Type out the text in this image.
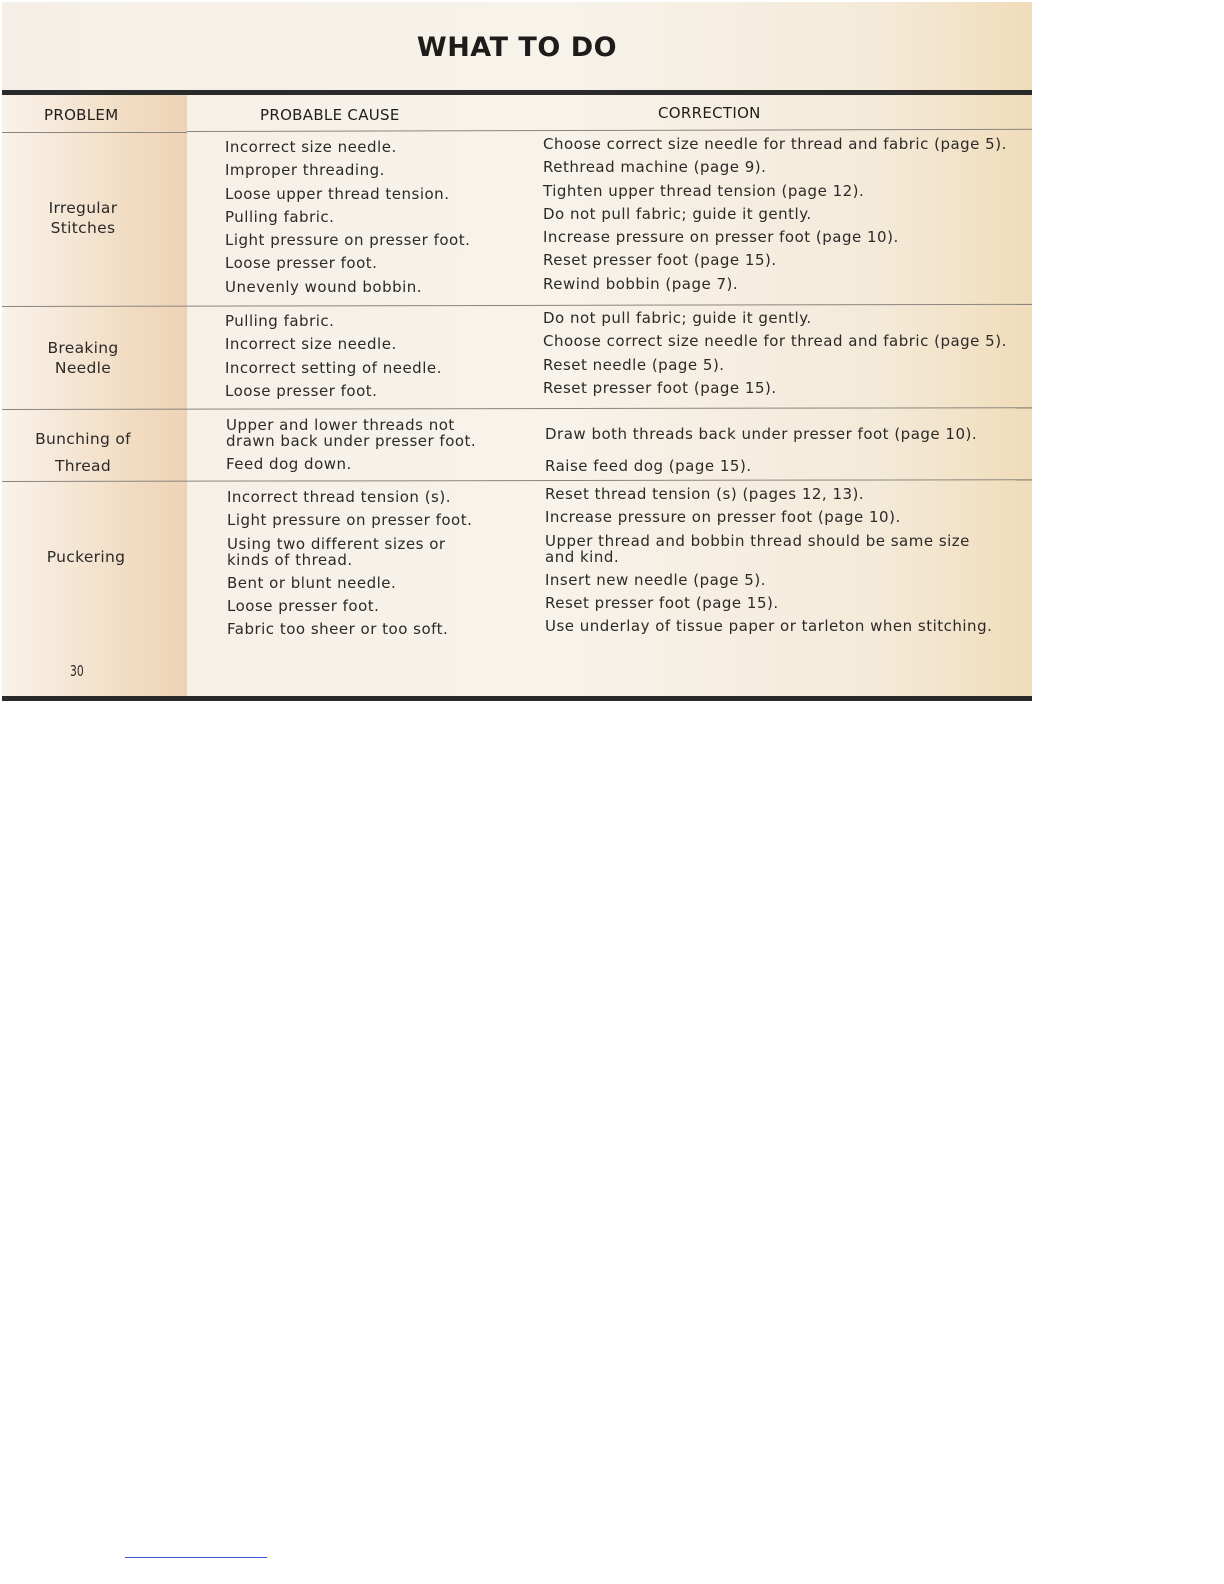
WHAT TO DO
PROBLEM	PROBABLE CAUSE	CORRECTION
Irregular
Stitches
Incorrect size needle.
Improper threading.
Loose upper thread tension.
Pulling fabric.
Light pressure on presser foot.
Loose presser foot.
Unevenly wound bobbin.
Choose correct size needle for thread and fabric (page 5).
Rethread machine (page 9).
Tighten upper thread tension (page 12).
Do not pull fabric; guide it gently.
Increase pressure on presser foot (page 10).
Reset presser foot (page 15).
Rewind bobbin (page 7).
Breaking
Needle
Pulling fabric.
Incorrect size needle.
Incorrect setting of needle.
Loose presser foot.
Do not pull fabric; guide it gently.
Choose correct size needle for thread and fabric (page 5).
Reset needle (page 5).
Reset presser foot (page 15).
Bunching of
Thread
Upper and lower threads not
drawn back under presser foot.
Feed dog down.
Draw both threads back under presser foot (page 10).
Raise feed dog (page 15).
Puckering
Incorrect thread tension (s).
Light pressure on presser foot.
Using two different sizes or
kinds of thread.
Bent or blunt needle.
Loose presser foot.
Fabric too sheer or too soft.
Reset thread tension (s) (pages 12, 13).
Increase pressure on presser foot (page 10).
Upper thread and bobbin thread should be same size
and kind.
Insert new needle (page 5).
Reset presser foot (page 15).
Use underlay of tissue paper or tarleton when stitching.
30
